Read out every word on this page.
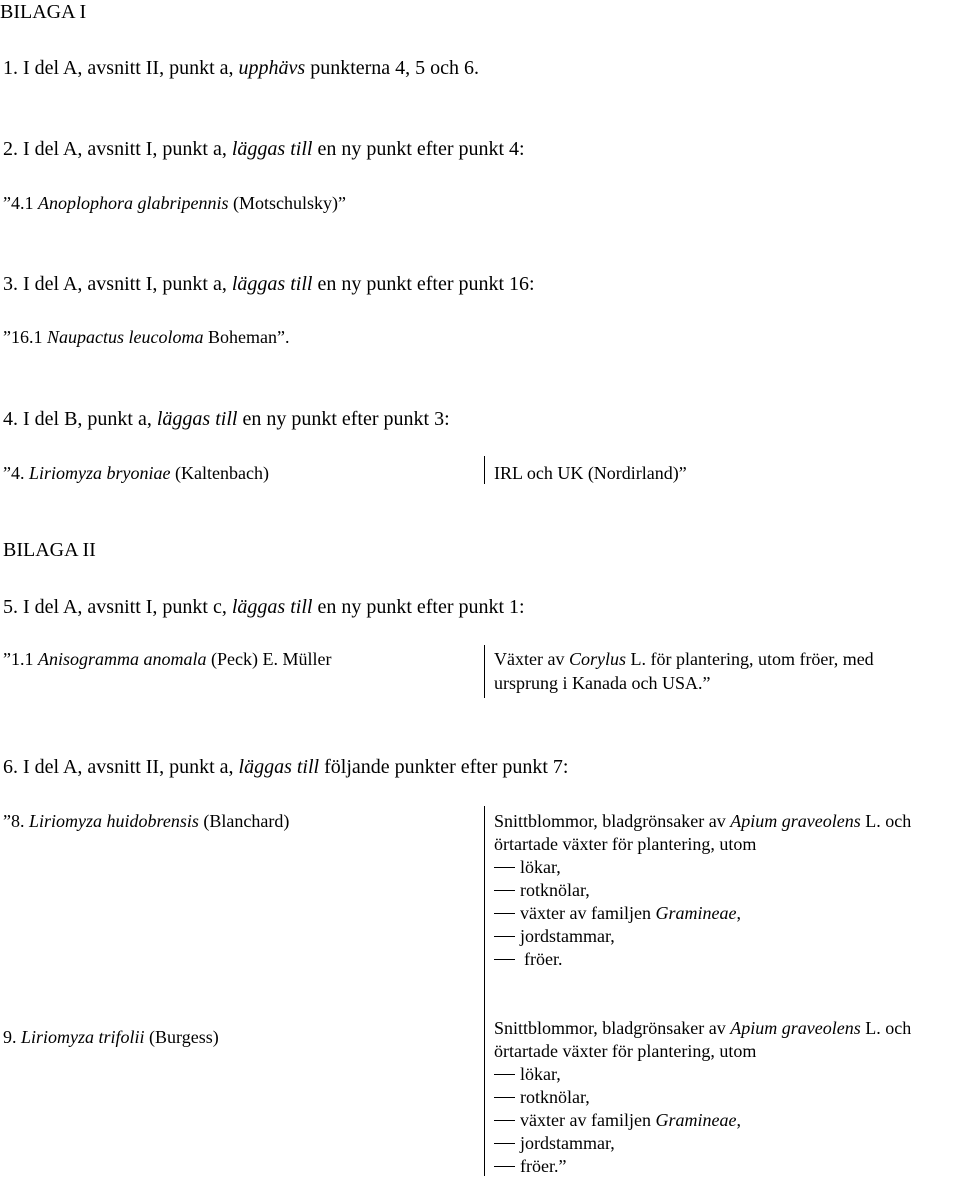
BILAGA I
1. I del A, avsnitt II, punkt a, upphävs punkterna 4, 5 och 6.
2. I del A, avsnitt I, punkt a, läggas till en ny punkt efter punkt 4:
”4.1 Anoplophora glabripennis (Motschulsky)”
3. I del A, avsnitt I, punkt a, läggas till en ny punkt efter punkt 16:
”16.1 Naupactus leucoloma Boheman”.
4. I del B, punkt a, läggas till en ny punkt efter punkt 3:
”4. Liriomyza bryoniae (Kaltenbach)	IRL och UK (Nordirland)”
BILAGA II
5. I del A, avsnitt I, punkt c, läggas till en ny punkt efter punkt 1:
”1.1 Anisogramma anomala (Peck) E. Müller	Växter av Corylus L. för plantering, utom fröer, med
ursprung i Kanada och USA.”
6. I del A, avsnitt II, punkt a, läggas till följande punkter efter punkt 7:
”8. Liriomyza huidobrensis (Blanchard)	Snittblommor, bladgrönsaker av Apium graveolens L. och
örtartade växter för plantering, utom
lökar,
rotknölar,
växter av familjen Gramineae,
jordstammar,
fröer.
9. Liriomyza trifolii (Burgess)	Snittblommor, bladgrönsaker av Apium graveolens L. och
örtartade växter för plantering, utom
lökar,
rotknölar,
växter av familjen Gramineae,
jordstammar,
fröer.”
